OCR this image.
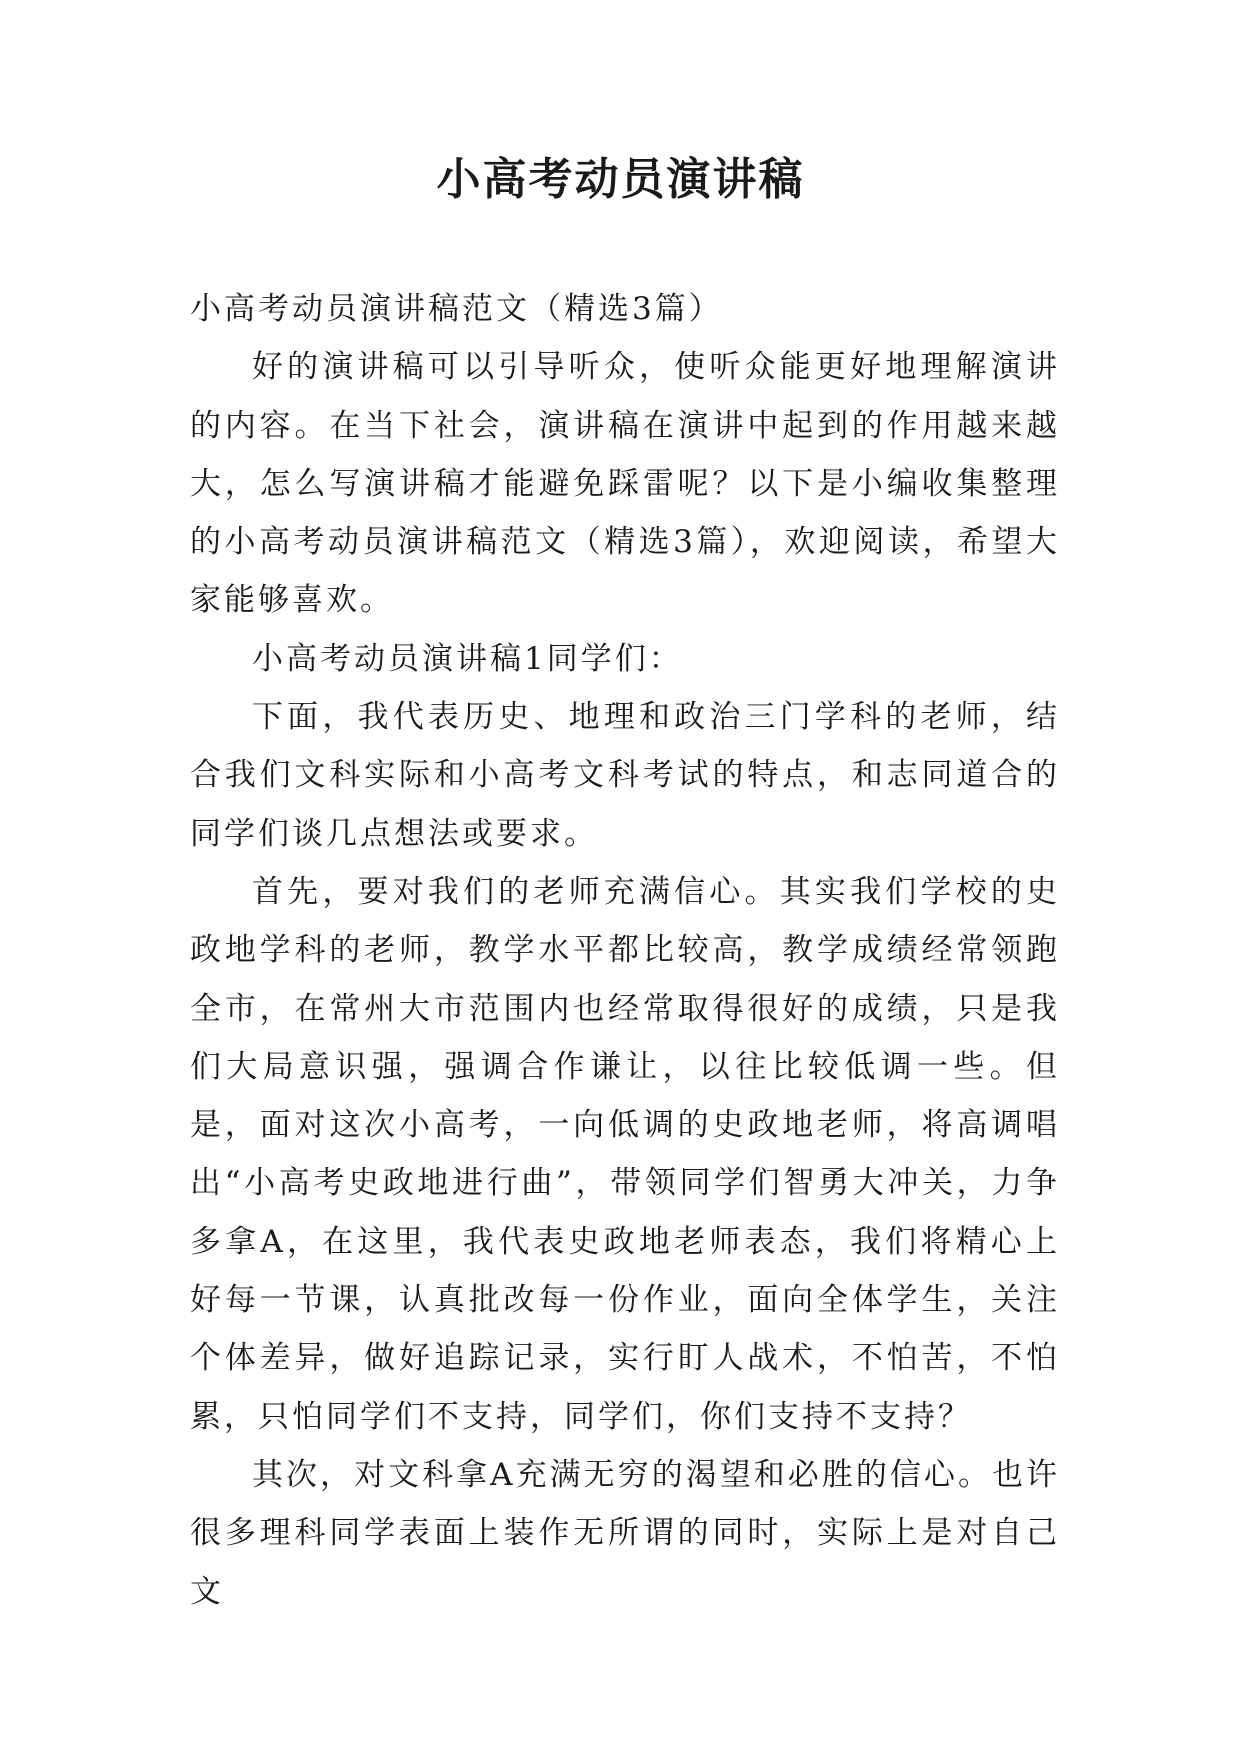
小高考动员演讲稿

小高考动员演讲稿范文（精选3篇）

好的演讲稿可以引导听众，使听众能更好地理解演讲的内容。在当下社会，演讲稿在演讲中起到的作用越来越大，怎么写演讲稿才能避免踩雷呢？以下是小编收集整理的小高考动员演讲稿范文（精选3篇），欢迎阅读，希望大家能够喜欢。

小高考动员演讲稿1同学们：

下面，我代表历史、地理和政治三门学科的老师，结合我们文科实际和小高考文科考试的特点，和志同道合的同学们谈几点想法或要求。

首先，要对我们的老师充满信心。其实我们学校的史政地学科的老师，教学水平都比较高，教学成绩经常领跑全市，在常州大市范围内也经常取得很好的成绩，只是我们大局意识强，强调合作谦让，以往比较低调一些。但是，面对这次小高考，一向低调的史政地老师，将高调唱出“小高考史政地进行曲”，带领同学们智勇大冲关，力争多拿A，在这里，我代表史政地老师表态，我们将精心上好每一节课，认真批改每一份作业，面向全体学生，关注个体差异，做好追踪记录，实行盯人战术，不怕苦，不怕累，只怕同学们不支持，同学们，你们支持不支持？

其次，对文科拿A充满无穷的渴望和必胜的信心。也许很多理科同学表面上装作无所谓的同时，实际上是对自己文
